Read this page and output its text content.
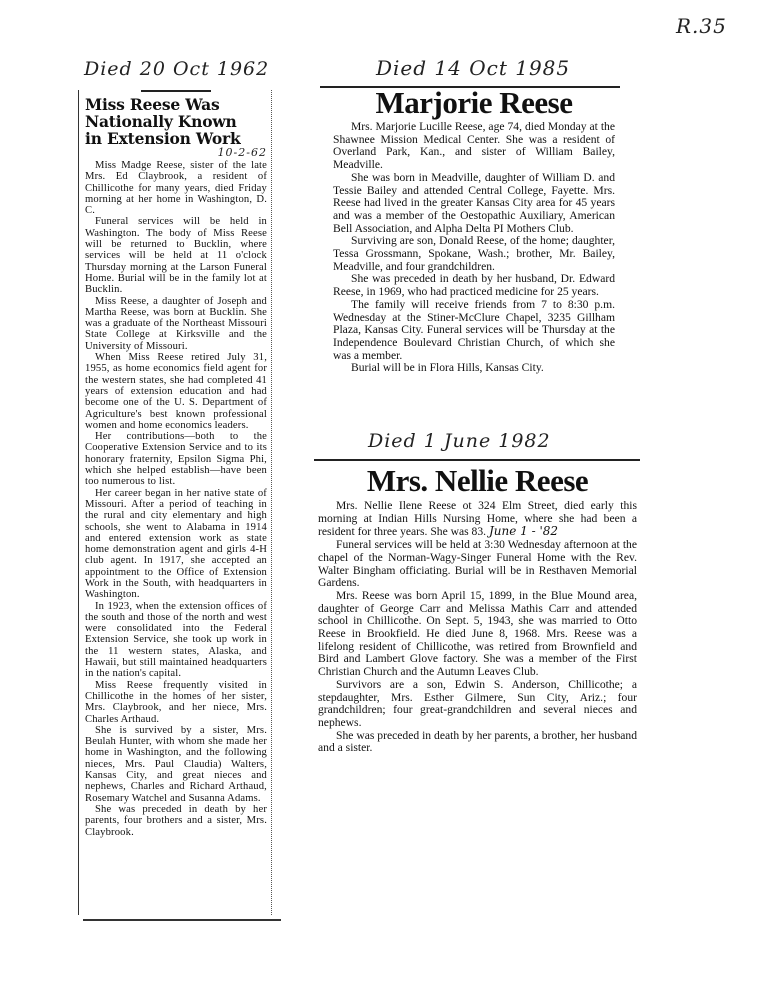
R.35
Died 20 Oct 1962
Miss Reese Was
Nationally Known
in Extension Work
10-2-62

Miss Madge Reese, sister of the late Mrs. Ed Claybrook, a resident of Chillicothe for many years, died Friday morning at her home in Washington, D. C.

Funeral services will be held in Washington. The body of Miss Reese will be returned to Bucklin, where services will be held at 11 o'clock Thursday morning at the Larson Funeral Home. Burial will be in the family lot at Bucklin.

Miss Reese, a daughter of Joseph and Martha Reese, was born at Bucklin. She was a graduate of the Northeast Missouri State College at Kirksville and the University of Missouri.

When Miss Reese retired July 31, 1955, as home economics field agent for the western states, she had completed 41 years of extension education and had become one of the U. S. Department of Agriculture's best known professional women and home economics leaders.

Her contributions—both to the Cooperative Extension Service and to its honorary fraternity, Epsilon Sigma Phi, which she helped establish—have been too numerous to list.

Her career began in her native state of Missouri. After a period of teaching in the rural and city elementary and high schools, she went to Alabama in 1914 and entered extension work as state home demonstration agent and girls 4-H club agent. In 1917, she accepted an appointment to the Office of Extension Work in the South, with headquarters in Washington.

In 1923, when the extension offices of the south and those of the north and west were consolidated into the Federal Extension Service, she took up work in the 11 western states, Alaska, and Hawaii, but still maintained headquarters in the nation's capital.

Miss Reese frequently visited in Chillicothe in the homes of her sister, Mrs. Claybrook, and her niece, Mrs. Charles Arthaud.

She is survived by a sister, Mrs. Beulah Hunter, with whom she made her home in Washington, and the following nieces, Mrs. Paul Claudia) Walters, Kansas City, and great nieces and nephews, Charles and Richard Arthaud, Rosemary Watchel and Susanna Adams.

She was preceded in death by her parents, four brothers and a sister, Mrs. Claybrook.

Died 14 Oct 1985
Marjorie Reese

Mrs. Marjorie Lucille Reese, age 74, died Monday at the Shawnee Mission Medical Center. She was a resident of Overland Park, Kan., and sister of William Bailey, Meadville.

She was born in Meadville, daughter of William D. and Tessie Bailey and attended Central College, Fayette. Mrs. Reese had lived in the greater Kansas City area for 45 years and was a member of the Oestopathic Auxiliary, American Bell Association, and Alpha Delta PI Mothers Club.

Surviving are son, Donald Reese, of the home; daughter, Tessa Grossmann, Spokane, Wash.; brother, Mr. Bailey, Meadville, and four grandchildren.

She was preceded in death by her husband, Dr. Edward Reese, in 1969, who had practiced medicine for 25 years.

The family will receive friends from 7 to 8:30 p.m. Wednesday at the Stiner-McClure Chapel, 3235 Gillham Plaza, Kansas City. Funeral services will be Thursday at the Independence Boulevard Christian Church, of which she was a member.

Burial will be in Flora Hills, Kansas City.

Died 1 June 1982
Mrs. Nellie Reese

Mrs. Nellie Ilene Reese ot 324 Elm Street, died early this morning at Indian Hills Nursing Home, where she had been a resident for three years. She was 83. June 1 - '82

Funeral services will be held at 3:30 Wednesday afternoon at the chapel of the Norman-Wagy-Singer Funeral Home with the Rev. Walter Bingham officiating. Burial will be in Resthaven Memorial Gardens.

Mrs. Reese was born April 15, 1899, in the Blue Mound area, daughter of George Carr and Melissa Mathis Carr and attended school in Chillicothe. On Sept. 5, 1943, she was married to Otto Reese in Brookfield. He died June 8, 1968. Mrs. Reese was a lifelong resident of Chillicothe, was retired from Brownfield and Bird and Lambert Glove factory. She was a member of the First Christian Church and the Autumn Leaves Club.

Survivors are a son, Edwin S. Anderson, Chillicothe; a stepdaughter, Mrs. Esther Gilmere, Sun City, Ariz.; four grandchildren; four great-grandchildren and several nieces and nephews.

She was preceded in death by her parents, a brother, her husband and a sister.
